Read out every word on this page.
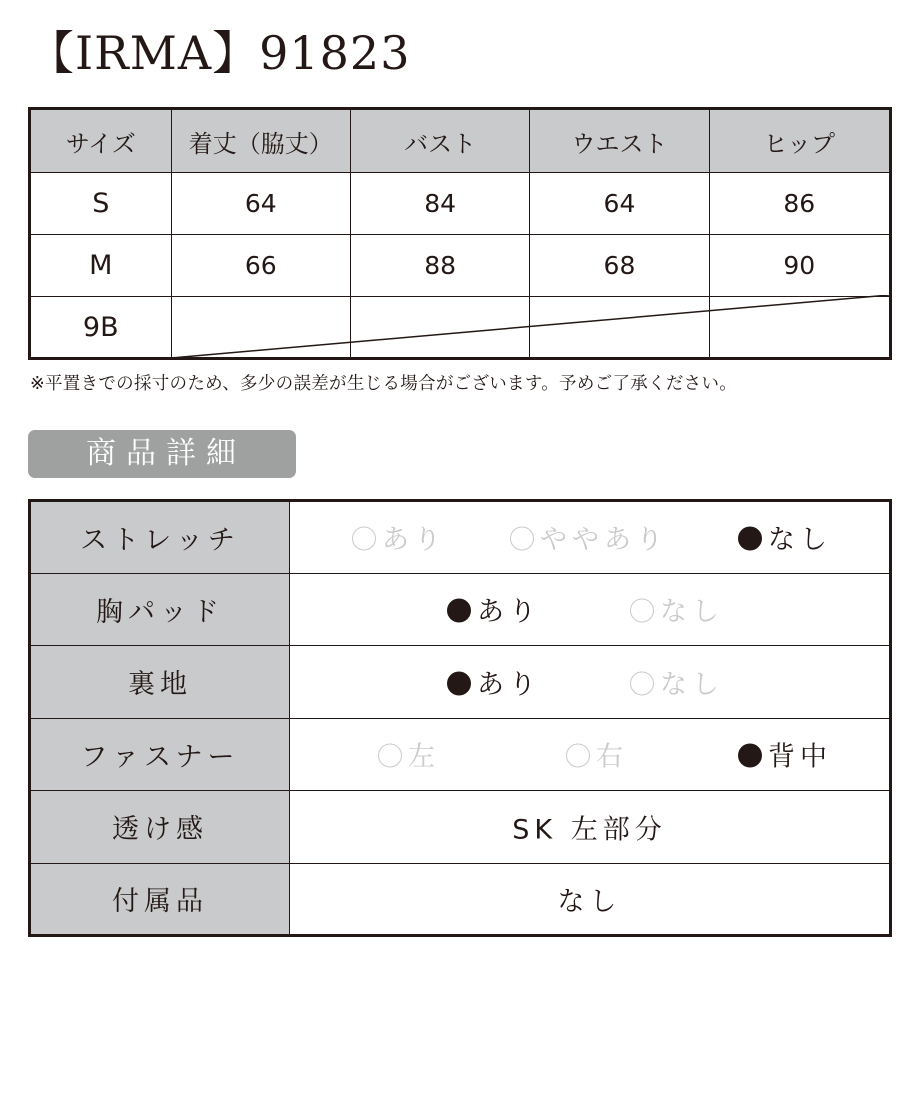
【IRMA】91823
サイズ	着丈（脇丈）	バスト	ウエスト	ヒップ
S	64	84	64	86
M	66	88	68	90
9B				
※平置きでの採寸のため、多少の誤差が生じる場合がございます。予めご了承ください。
商品詳細
ストレッチ	あり ややあり なし

胸パッド	あり なし

裏地	あり なし

ファスナー	左 右 背中

透け感	SK 左部分

付属品	なし
